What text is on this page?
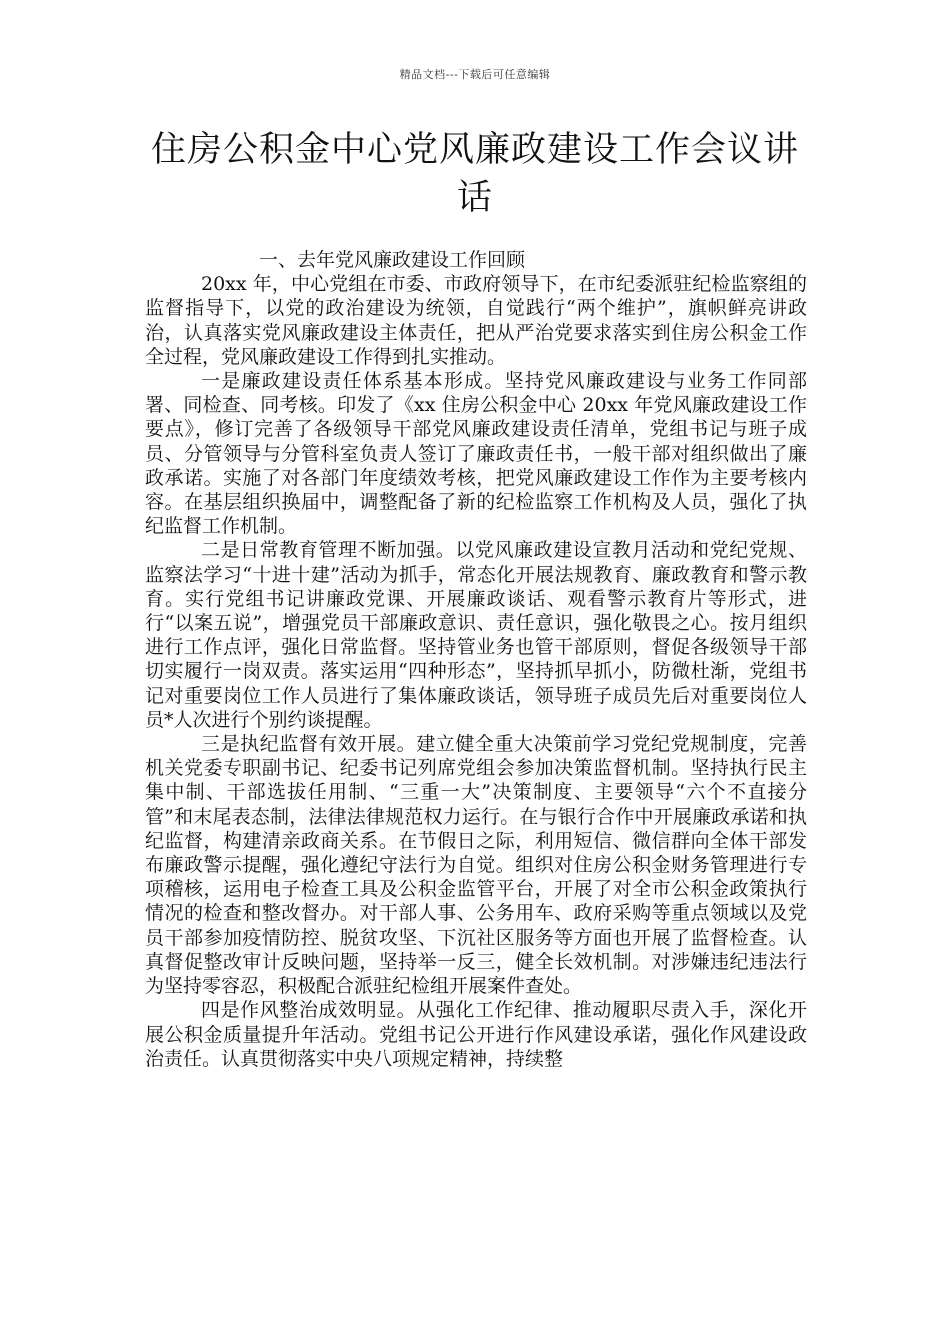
精品文档---下载后可任意编辑
住房公积金中心党风廉政建设工作会议讲话
一、去年党风廉政建设工作回顾

20xx 年，中心党组在市委、市政府领导下，在市纪委派驻纪检监察组的监督指导下，以党的政治建设为统领，自觉践行“两个维护”，旗帜鲜亮讲政治，认真落实党风廉政建设主体责任，把从严治党要求落实到住房公积金工作全过程，党风廉政建设工作得到扎实推动。

一是廉政建设责任体系基本形成。坚持党风廉政建设与业务工作同部署、同检查、同考核。印发了《xx 住房公积金中心 20xx 年党风廉政建设工作要点》，修订完善了各级领导干部党风廉政建设责任清单，党组书记与班子成员、分管领导与分管科室负责人签订了廉政责任书，一般干部对组织做出了廉政承诺。实施了对各部门年度绩效考核，把党风廉政建设工作作为主要考核内容。在基层组织换届中，调整配备了新的纪检监察工作机构及人员，强化了执纪监督工作机制。

二是日常教育管理不断加强。以党风廉政建设宣教月活动和党纪党规、监察法学习“十进十建”活动为抓手，常态化开展法规教育、廉政教育和警示教育。实行党组书记讲廉政党课、开展廉政谈话、观看警示教育片等形式，进行“以案五说”，增强党员干部廉政意识、责任意识，强化敬畏之心。按月组织进行工作点评，强化日常监督。坚持管业务也管干部原则，督促各级领导干部切实履行一岗双责。落实运用“四种形态”，坚持抓早抓小，防微杜渐，党组书记对重要岗位工作人员进行了集体廉政谈话，领导班子成员先后对重要岗位人员*人次进行个别约谈提醒。

三是执纪监督有效开展。建立健全重大决策前学习党纪党规制度，完善机关党委专职副书记、纪委书记列席党组会参加决策监督机制。坚持执行民主集中制、干部选拔任用制、“三重一大”决策制度、主要领导“六个不直接分管”和末尾表态制，法律法律规范权力运行。在与银行合作中开展廉政承诺和执纪监督，构建清亲政商关系。在节假日之际，利用短信、微信群向全体干部发布廉政警示提醒，强化遵纪守法行为自觉。组织对住房公积金财务管理进行专项稽核，运用电子检查工具及公积金监管平台，开展了对全市公积金政策执行情况的检查和整改督办。对干部人事、公务用车、政府采购等重点领域以及党员干部参加疫情防控、脱贫攻坚、下沉社区服务等方面也开展了监督检查。认真督促整改审计反映问题，坚持举一反三，健全长效机制。对涉嫌违纪违法行为坚持零容忍，积极配合派驻纪检组开展案件查处。

四是作风整治成效明显。从强化工作纪律、推动履职尽责入手，深化开展公积金质量提升年活动。党组书记公开进行作风建设承诺，强化作风建设政治责任。认真贯彻落实中央八项规定精神，持续整
